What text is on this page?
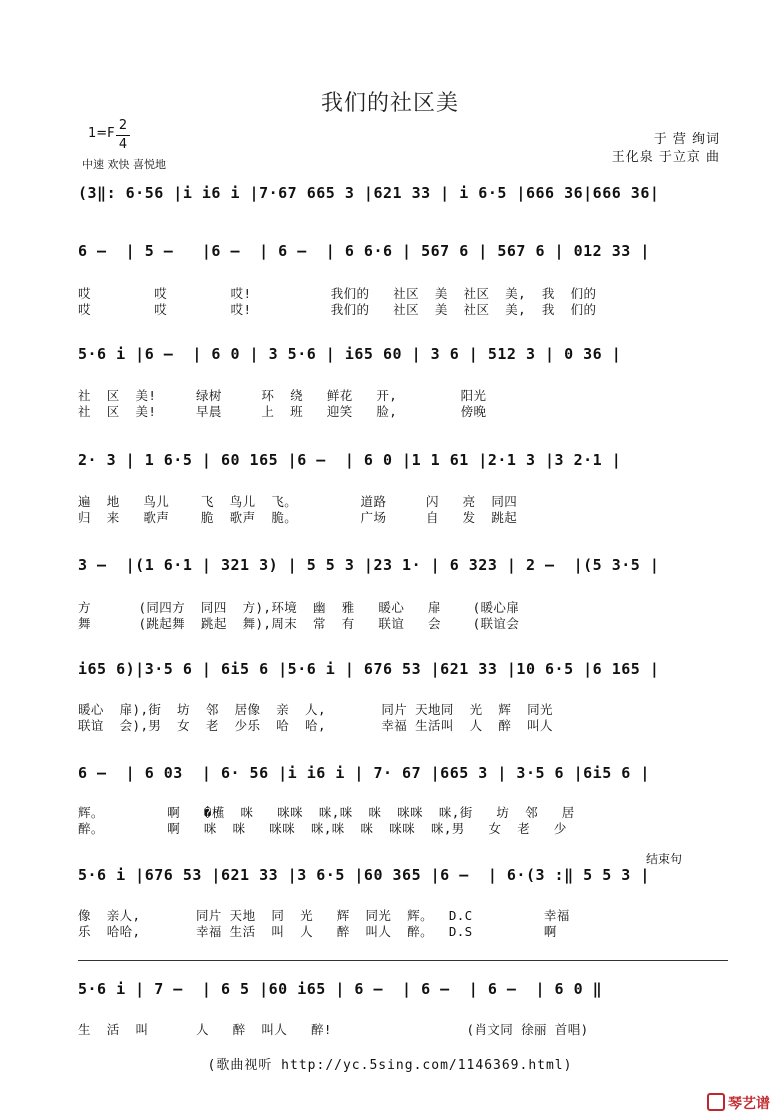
我们的社区美
1=F
2
4
中速 欢快 喜悦地
于 营 绚词
王化泉 于立京 曲
(3‖: 6·56 |i i6 i |7·67 665 3 |621 33 | i 6·5 |666 36|666 36|
6 –  | 5 –   |6 –  | 6 –  | 6 6·6 | 567 6 | 567 6 | 012 33 |
哎        哎        哎!          我们的   社区  美  社区  美,  我  们的
哎        哎        哎!          我们的   社区  美  社区  美,  我  们的
5·6 i |6 –  | 6 0 | 3 5·6 | i65 60 | 3 6 | 512 3 | 0 36 |
社  区  美!     绿树     环  绕   鲜花   开,        阳光
社  区  美!     早晨     上  班   迎笑   脸,        傍晚
2· 3 | 1 6·5 | 60 165 |6 –  | 6 0 |1 1 61 |2·1 3 |3 2·1 |
遍  地   鸟儿    飞  鸟儿  飞。        道路     闪   亮  同四
归  来   歌声    脆  歌声  脆。        广场     自   发  跳起
3 –  |(1 6·1 | 321 3) | 5 5 3 |23 1· | 6 323 | 2 –  |(5 3·5 |
方      (同四方  同四  方),环境  幽  雅   暖心   扉    (暖心扉
舞      (跳起舞  跳起  舞),周末  常  有   联谊   会    (联谊会
i65 6)|3·5 6 | 6i5 6 |5·6 i | 676 53 |621 33 |10 6·5 |6 165 |
暖心  扉),街  坊  邻  居像  亲  人,       同片 天地同  光  辉  同光
联谊  会),男  女  老  少乐  哈  哈,       幸福 生活叫  人  醉  叫人
6 –  | 6 03  | 6· 56 |i i6 i | 7· 67 |665 3 | 3·5 6 |6i5 6 |
辉。        啊   �櫵  咪   咪咪  咪,咪  咪  咪咪  咪,街   坊  邻   居
醉。        啊   咪  咪   咪咪  咪,咪  咪  咪咪  咪,男   女  老   少
结束句
5·6 i |676 53 |621 33 |3 6·5 |60 365 |6 –  | 6·(3 :‖ 5 5 3 |
像  亲人,       同片 天地  同  光   辉  同光  辉。  D.C         幸福
乐  哈哈,       幸福 生活  叫  人   醉  叫人  醉。  D.S         啊
5·6 i | 7 –  | 6 5 |60 i65 | 6 –  | 6 –  | 6 –  | 6 0 ‖
生  活  叫      人   醉  叫人   醉!                 (肖文同 徐丽 首唱)
(歌曲视听 http://yc.5sing.com/1146369.html)
琴艺谱
